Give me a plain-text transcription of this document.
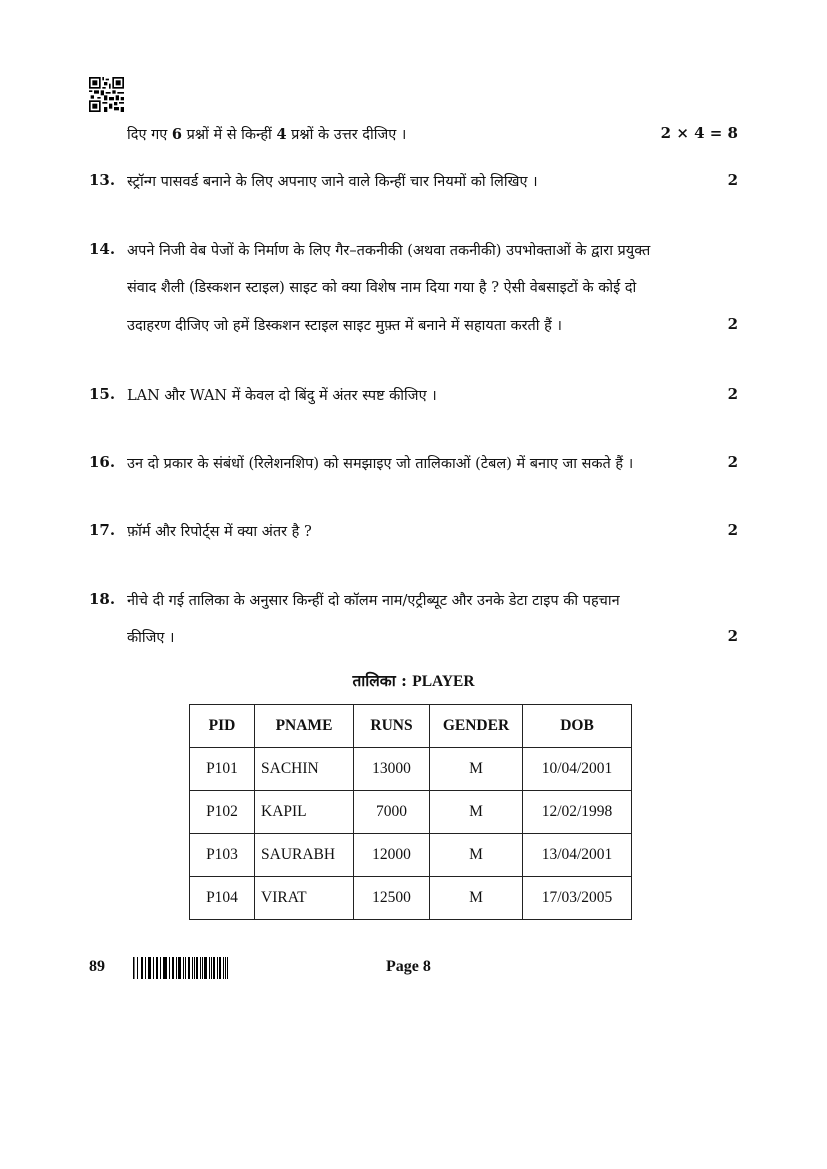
दिए गए 6 प्रश्नों में से किन्हीं 4 प्रश्नों के उत्तर दीजिए ।	2 × 4 = 8
13. स्ट्रॉन्ग पासवर्ड बनाने के लिए अपनाए जाने वाले किन्हीं चार नियमों को लिखिए ।	2
14. अपने निजी वेब पेजों के निर्माण के लिए गैर–तकनीकी (अथवा तकनीकी) उपभोक्ताओं के द्वारा प्रयुक्त
संवाद शैली (डिस्कशन स्टाइल) साइट को क्या विशेष नाम दिया गया है ? ऐसी वेबसाइटों के कोई दो
उदाहरण दीजिए जो हमें डिस्कशन स्टाइल साइट मुफ़्त में बनाने में सहायता करती हैं ।	2
15. LAN और WAN में केवल दो बिंदु में अंतर स्पष्ट कीजिए ।	2
16. उन दो प्रकार के संबंधों (रिलेशनशिप) को समझाइए जो तालिकाओं (टेबल) में बनाए जा सकते हैं ।	2
17. फ़ॉर्म और रिपोर्ट्स में क्या अंतर है ?	2
18. नीचे दी गई तालिका के अनुसार किन्हीं दो कॉलम नाम/एट्रीब्यूट और उनके डेटा टाइप की पहचान
कीजिए ।	2
तालिका : PLAYER
PID	PNAME	RUNS	GENDER	DOB
P101	SACHIN	13000	M	10/04/2001
P102	KAPIL	7000	M	12/02/1998
P103	SAURABH	12000	M	13/04/2001
P104	VIRAT	12500	M	17/03/2005
89	Page 8
